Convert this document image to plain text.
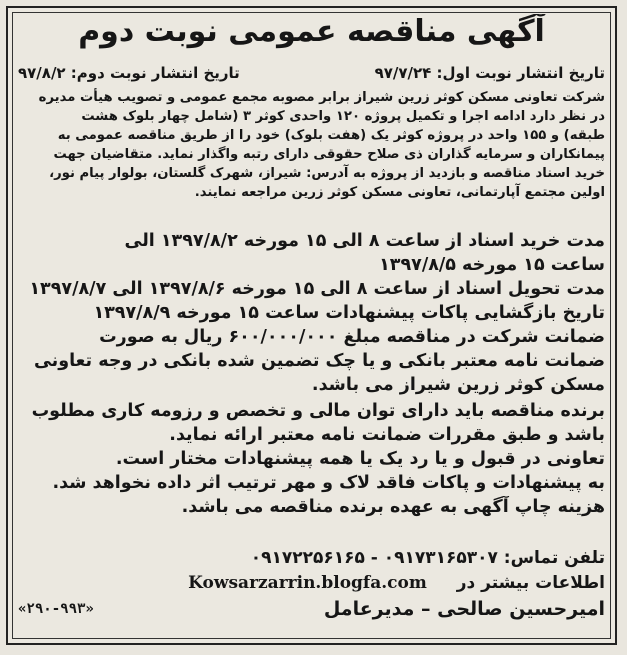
آگهی مناقصه عمومی نوبت دوم
تاریخ انتشار نوبت اول: ۹۷/۷/۲۴
تاریخ انتشار نوبت دوم: ۹۷/۸/۲
شرکت تعاونی مسکن کوثر زرین شیراز برابر مصوبه مجمع عمومی و تصویب هیأت مدیره
در نظر دارد ادامه اجرا و تکمیل پروژه ۱۲۰ واحدی کوثر ۳ (شامل چهار بلوک هشت
طبقه) و ۱۵۵ واحد در پروژه کوثر یک (هفت بلوک) خود را از طریق مناقصه عمومی به
پیمانکاران و سرمایه گذاران ذی صلاح حقوقی دارای رتبه واگذار نماید. متقاضیان جهت
خرید اسناد مناقصه و بازدید از پروژه به آدرس: شیراز، شهرک گلستان، بولوار پیام نور،
اولین مجتمع آپارتمانی، تعاونی مسکن کوثر زرین مراجعه نمایند.
مدت خرید اسناد از ساعت ۸ الی ۱۵ مورخه ۱۳۹۷/۸/۲ الی
ساعت ۱۵ مورخه ۱۳۹۷/۸/۵
مدت تحویل اسناد از ساعت ۸ الی ۱۵ مورخه ۱۳۹۷/۸/۶ الی ۱۳۹۷/۸/۷
تاریخ بازگشایی پاکات پیشنهادات ساعت ۱۵ مورخه ۱۳۹۷/۸/۹
ضمانت شرکت در مناقصه مبلغ ۶۰۰/۰۰۰/۰۰۰ ریال به صورت
ضمانت نامه معتبر بانکی و یا چک تضمین شده بانکی در وجه تعاونی
مسکن کوثر زرین شیراز می باشد.
برنده مناقصه باید دارای توان مالی و تخصص و رزومه کاری مطلوب
باشد و طبق مقررات ضمانت نامه معتبر ارائه نماید.
تعاونی در قبول و یا رد یک یا همه پیشنهادات مختار است.
به پیشنهادات و پاکات فاقد لاک و مهر ترتیب اثر داده نخواهد شد.
هزینه چاپ آگهی به عهده برنده مناقصه می باشد.
تلفن تماس: ۰۹۱۷۳۱۶۵۳۰۷ - ۰۹۱۷۲۲۵۶۱۶۵
اطلاعات بیشتر در  Kowsarzarrin.blogfa.com
امیرحسین صالحی – مدیرعامل
«۲۹۰-۹۹۳»
